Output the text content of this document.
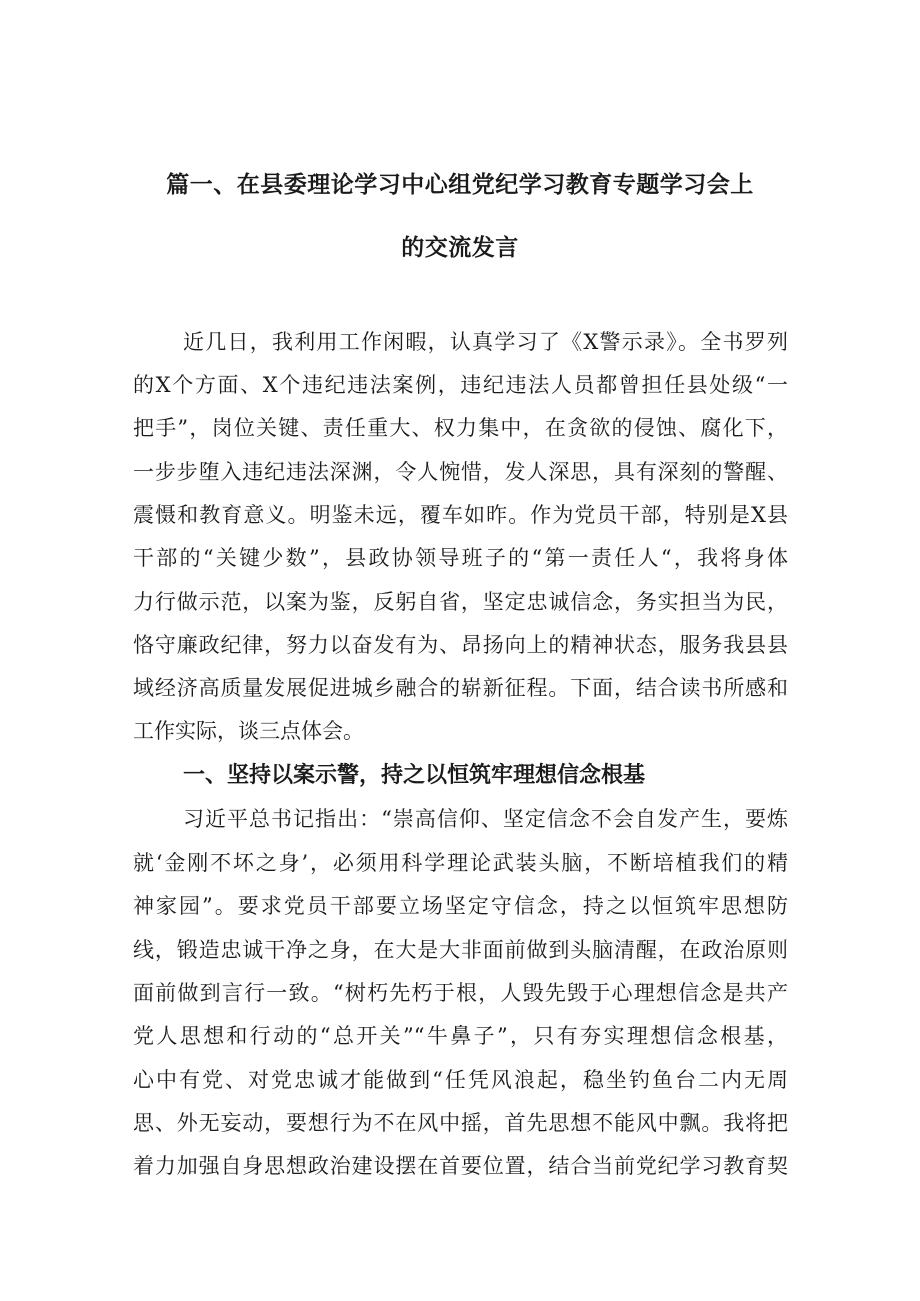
篇一、在县委理论学习中心组党纪学习教育专题学习会上
的交流发言

近几日，我利用工作闲暇，认真学习了《X警示录》。全书罗列

的X个方面、X个违纪违法案例，违纪违法人员都曾担任县处级“一

把手”，岗位关键、责任重大、权力集中，在贪欲的侵蚀、腐化下，

一步步堕入违纪违法深渊，令人惋惜，发人深思，具有深刻的警醒、

震慑和教育意义。明鉴未远，覆车如昨。作为党员干部，特别是X县

干部的“关键少数”，县政协领导班子的“第一责任人“，我将身体

力行做示范，以案为鉴，反躬自省，坚定忠诚信念，务实担当为民，

恪守廉政纪律，努力以奋发有为、昂扬向上的精神状态，服务我县县

域经济高质量发展促进城乡融合的崭新征程。下面，结合读书所感和

工作实际，谈三点体会。

一、坚持以案示警，持之以恒筑牢理想信念根基

习近平总书记指出：“崇高信仰、坚定信念不会自发产生，要炼

就‘金刚不坏之身’，必须用科学理论武装头脑，不断培植我们的精

神家园”。要求党员干部要立场坚定守信念，持之以恒筑牢思想防

线，锻造忠诚干净之身，在大是大非面前做到头脑清醒，在政治原则

面前做到言行一致。“树朽先朽于根，人毁先毁于心理想信念是共产

党人思想和行动的“总开关”“牛鼻子”，只有夯实理想信念根基，

心中有党、对党忠诚才能做到“任凭风浪起，稳坐钓鱼台二内无周

思、外无妄动，要想行为不在风中摇，首先思想不能风中飘。我将把

着力加强自身思想政治建设摆在首要位置，结合当前党纪学习教育契
